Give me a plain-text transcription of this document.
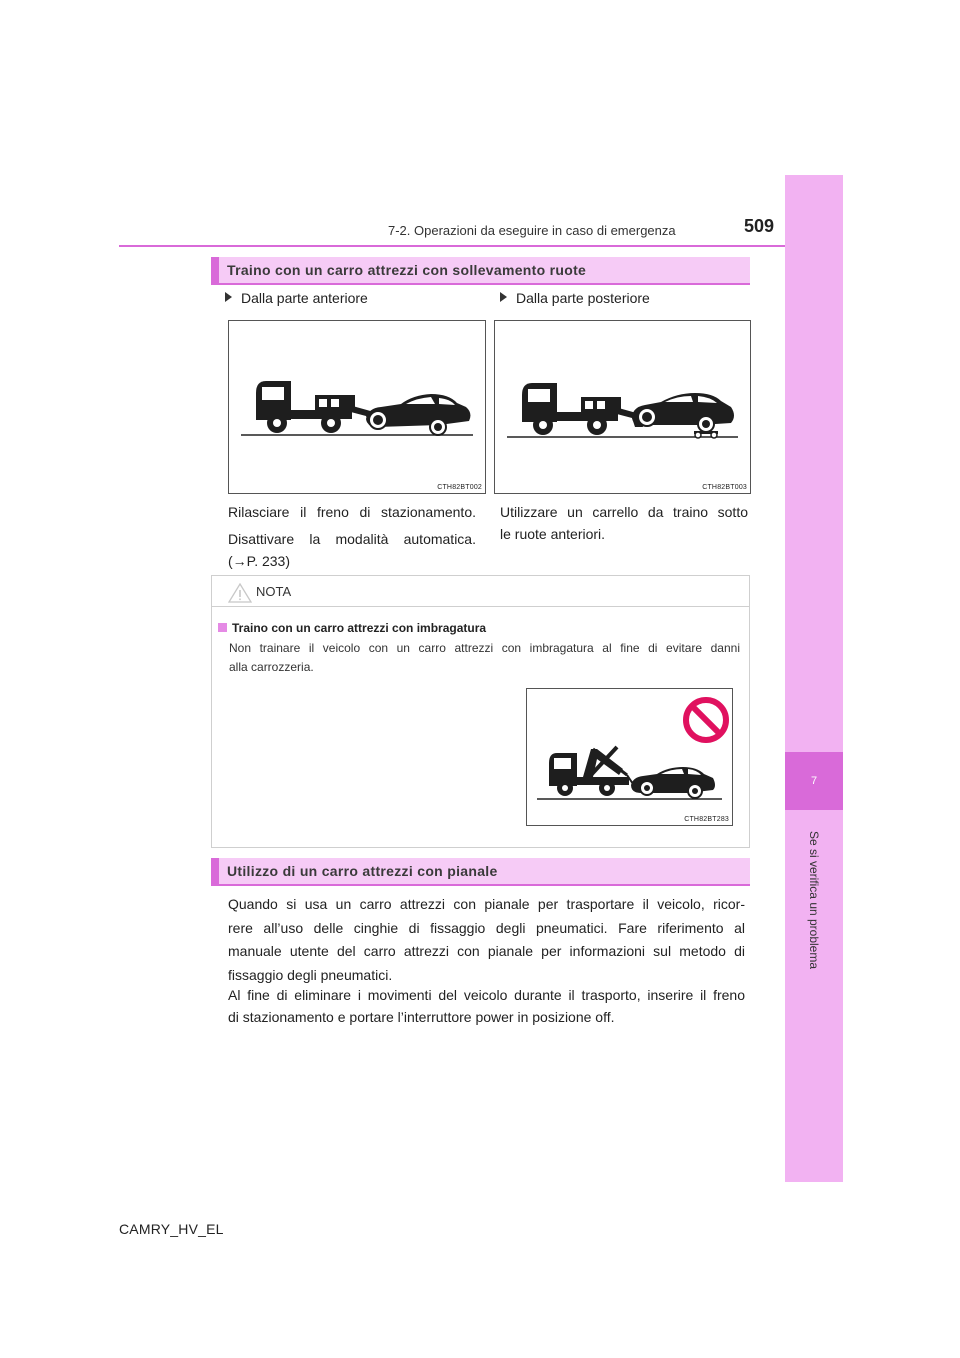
7
Se si verifica un problema
7-2. Operazioni da eseguire in caso di emergenza	509
Traino con un carro attrezzi con sollevamento ruote
Dalla parte anteriore	Dalla parte posteriore
CTH82BT002	CTH82BT003
Rilasciare il freno di stazionamento.
Disattivare la modalità automatica.
(→P. 233)
Utilizzare un carrello da traino sotto
le ruote anteriori.
NOTA
Traino con un carro attrezzi con imbragatura
Non trainare il veicolo con un carro attrezzi con imbragatura al fine di evitare danni
alla carrozzeria.
CTH82BT283
Utilizzo di un carro attrezzi con pianale
Quando si usa un carro attrezzi con pianale per trasportare il veicolo, ricor-
rere all’uso delle cinghie di fissaggio degli pneumatici. Fare riferimento al
manuale utente del carro attrezzi con pianale per informazioni sul metodo di
fissaggio degli pneumatici.
Al fine di eliminare i movimenti del veicolo durante il trasporto, inserire il freno
di stazionamento e portare l’interruttore power in posizione off.
CAMRY_HV_EL
